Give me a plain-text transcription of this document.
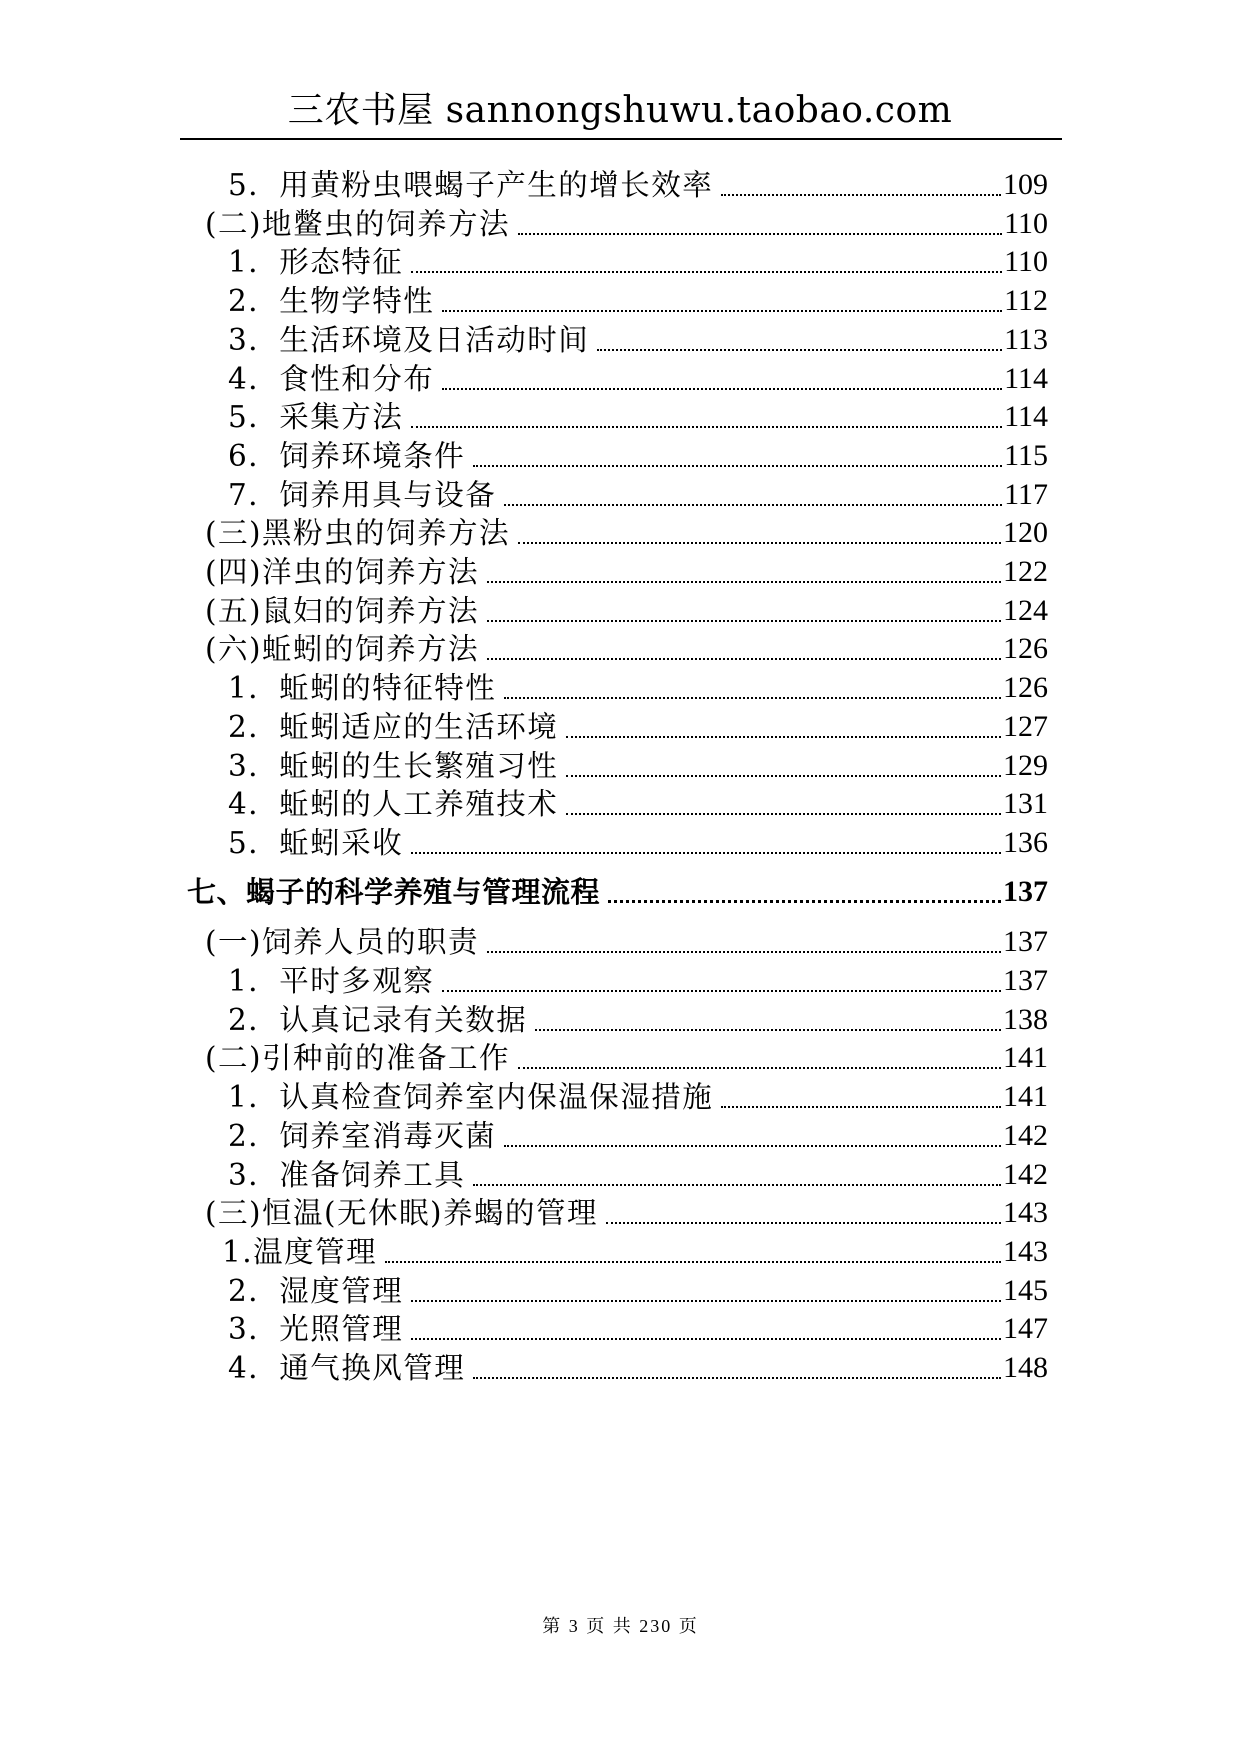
三农书屋 sannongshuwu.taobao.com
5．用黄粉虫喂蝎子产生的增长效率	109
(二)地鳖虫的饲养方法	110
1．形态特征	110
2．生物学特性	112
3．生活环境及日活动时间	113
4．食性和分布	114
5．采集方法	114
6．饲养环境条件	115
7．饲养用具与设备	117
(三)黑粉虫的饲养方法	120
(四)洋虫的饲养方法	122
(五)鼠妇的饲养方法	124
(六)蚯蚓的饲养方法	126
1．蚯蚓的特征特性	126
2．蚯蚓适应的生活环境	127
3．蚯蚓的生长繁殖习性	129
4．蚯蚓的人工养殖技术	131
5．蚯蚓采收	136
七、蝎子的科学养殖与管理流程	137
(一)饲养人员的职责	137
1．平时多观察	137
2．认真记录有关数据	138
(二)引种前的准备工作	141
1．认真检查饲养室内保温保湿措施	141
2．饲养室消毒灭菌	142
3．准备饲养工具	142
(三)恒温(无休眠)养蝎的管理	143
1.温度管理	143
2．湿度管理	145
3．光照管理	147
4．通气换风管理	148
第 3 页 共 230 页
